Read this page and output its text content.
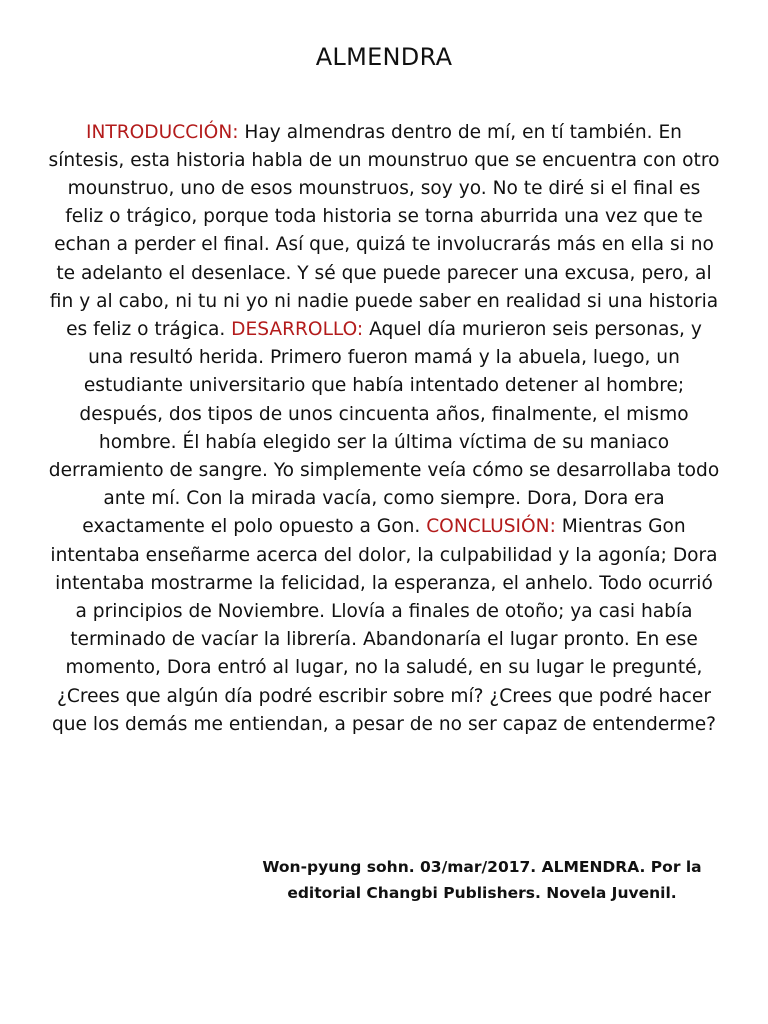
ALMENDRA

INTRODUCCIÓN: Hay almendras dentro de mí, en tí también. En síntesis, esta historia habla de un mounstruo que se encuentra con otro mounstruo, uno de esos mounstruos, soy yo. No te diré si el final es feliz o trágico, porque toda historia se torna aburrida una vez que te echan a perder el final. Así que, quizá te involucrarás más en ella si no te adelanto el desenlace. Y sé que puede parecer una excusa, pero, al fin y al cabo, ni tu ni yo ni nadie puede saber en realidad si una historia es feliz o trágica. DESARROLLO: Aquel día murieron seis personas, y una resultó herida. Primero fueron mamá y la abuela, luego, un estudiante universitario que había intentado detener al hombre; después, dos tipos de unos cincuenta años, finalmente, el mismo hombre. Él había elegido ser la última víctima de su maniaco derramiento de sangre. Yo simplemente veía cómo se desarrollaba todo ante mí. Con la mirada vacía, como siempre. Dora, Dora era exactamente el polo opuesto a Gon. CONCLUSIÓN: Mientras Gon intentaba enseñarme acerca del dolor, la culpabilidad y la agonía; Dora intentaba mostrarme la felicidad, la esperanza, el anhelo. Todo ocurrió a principios de Noviembre. Llovía a finales de otoño; ya casi había terminado de vacíar la librería. Abandonaría el lugar pronto. En ese momento, Dora entró al lugar, no la saludé, en su lugar le pregunté, ¿Crees que algún día podré escribir sobre mí? ¿Crees que podré hacer que los demás me entiendan, a pesar de no ser capaz de entenderme?

Won-pyung sohn. 03/mar/2017. ALMENDRA. Por la editorial Changbi Publishers. Novela Juvenil.
